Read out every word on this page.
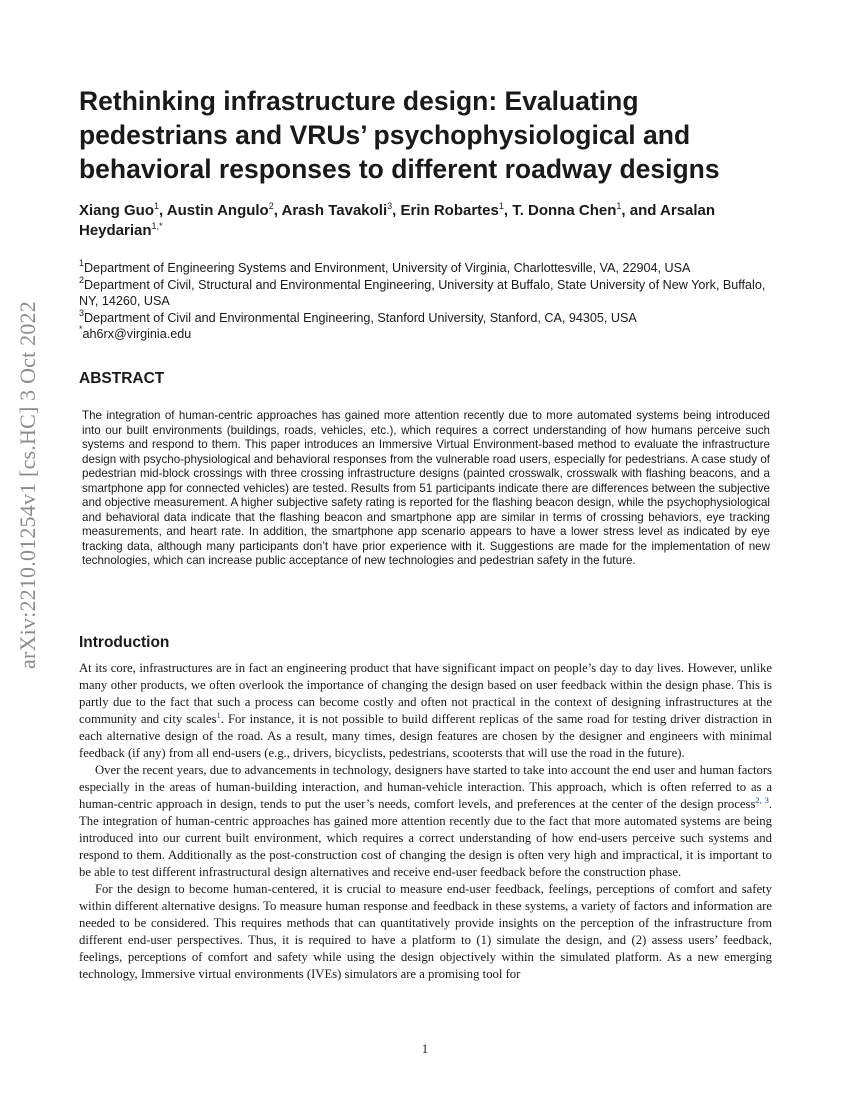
arXiv:2210.01254v1 [cs.HC] 3 Oct 2022
Rethinking infrastructure design: Evaluating pedestrians and VRUs’ psychophysiological and behavioral responses to different roadway designs
Xiang Guo$^1$, Austin Angulo$^2$, Arash Tavakoli$^3$, Erin Robartes$^1$, T. Donna Chen$^1$, and Arsalan Heydarian$^{1,*}$

$^1$Department of Engineering Systems and Environment, University of Virginia, Charlottesville, VA, 22904, USA

$^2$Department of Civil, Structural and Environmental Engineering, University at Buffalo, State University of New York, Buffalo, NY, 14260, USA

$^3$Department of Civil and Environmental Engineering, Stanford University, Stanford, CA, 94305, USA

*ah6rx@virginia.edu

ABSTRACT

The integration of human-centric approaches has gained more attention recently due to more automated systems being introduced into our built environments (buildings, roads, vehicles, etc.), which requires a correct understanding of how humans perceive such systems and respond to them. This paper introduces an Immersive Virtual Environment-based method to evaluate the infrastructure design with psycho-physiological and behavioral responses from the vulnerable road users, especially for pedestrians. A case study of pedestrian mid-block crossings with three crossing infrastructure designs (painted crosswalk, crosswalk with flashing beacons, and a smartphone app for connected vehicles) are tested. Results from 51 participants indicate there are differences between the subjective and objective measurement. A higher subjective safety rating is reported for the flashing beacon design, while the psychophysiological and behavioral data indicate that the flashing beacon and smartphone app are similar in terms of crossing behaviors, eye tracking measurements, and heart rate. In addition, the smartphone app scenario appears to have a lower stress level as indicated by eye tracking data, although many participants don’t have prior experience with it. Suggestions are made for the implementation of new technologies, which can increase public acceptance of new technologies and pedestrian safety in the future.

Introduction

At its core, infrastructures are in fact an engineering product that have significant impact on people’s day to day lives. However, unlike many other products, we often overlook the importance of changing the design based on user feedback within the design phase. This is partly due to the fact that such a process can become costly and often not practical in the context of designing infrastructures at the community and city scales$^1$. For instance, it is not possible to build different replicas of the same road for testing driver distraction in each alternative design of the road. As a result, many times, design features are chosen by the designer and engineers with minimal feedback (if any) from all end-users (e.g., drivers, bicyclists, pedestrians, scootersts that will use the road in the future).

Over the recent years, due to advancements in technology, designers have started to take into account the end user and human factors especially in the areas of human-building interaction, and human-vehicle interaction. This approach, which is often referred to as a human-centric approach in design, tends to put the user’s needs, comfort levels, and preferences at the center of the design process$^{2, 3}$. The integration of human-centric approaches has gained more attention recently due to the fact that more automated systems are being introduced into our current built environment, which requires a correct understanding of how end-users perceive such systems and respond to them. Additionally as the post-construction cost of changing the design is often very high and impractical, it is important to be able to test different infrastructural design alternatives and receive end-user feedback before the construction phase.

For the design to become human-centered, it is crucial to measure end-user feedback, feelings, perceptions of comfort and safety within different alternative designs. To measure human response and feedback in these systems, a variety of factors and information are needed to be considered. This requires methods that can quantitatively provide insights on the perception of the infrastructure from different end-user perspectives. Thus, it is required to have a platform to (1) simulate the design, and (2) assess users’ feedback, feelings, perceptions of comfort and safety while using the design objectively within the simulated platform. As a new emerging technology, Immersive virtual environments (IVEs) simulators are a promising tool for

1
